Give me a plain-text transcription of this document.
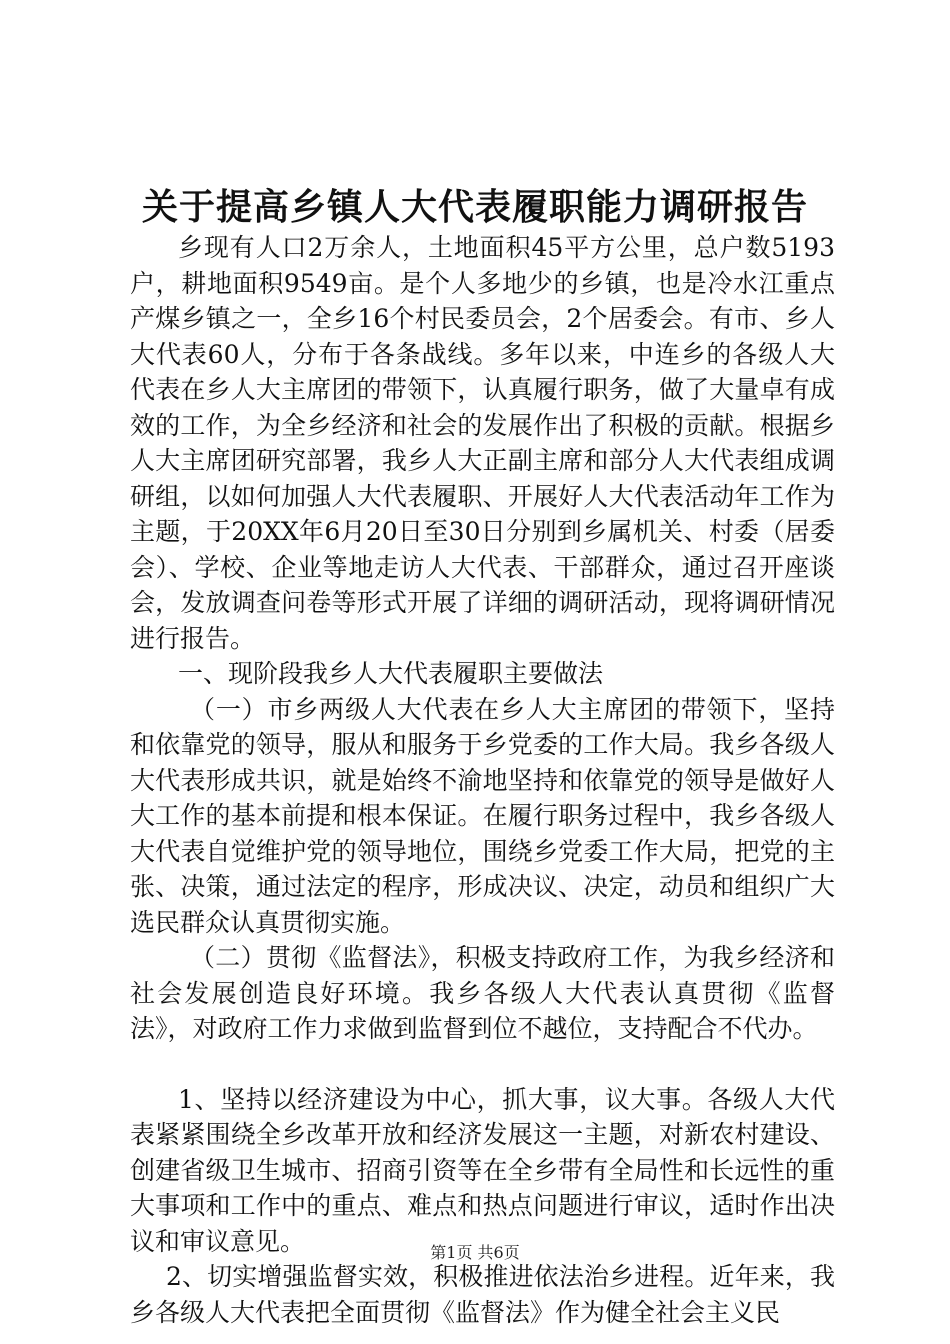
关于提高乡镇人大代表履职能力调研报告

乡现有人口2万余人，土地面积45平方公里，总户数5193户，耕地面积9549亩。是个人多地少的乡镇，也是冷水江重点产煤乡镇之一，全乡16个村民委员会，2个居委会。有市、乡人大代表60人，分布于各条战线。多年以来，中连乡的各级人大代表在乡人大主席团的带领下，认真履行职务，做了大量卓有成效的工作，为全乡经济和社会的发展作出了积极的贡献。根据乡人大主席团研究部署，我乡人大正副主席和部分人大代表组成调研组，以如何加强人大代表履职、开展好人大代表活动年工作为主题，于20XX年6月20日至30日分别到乡属机关、村委（居委会）、学校、企业等地走访人大代表、干部群众，通过召开座谈会，发放调查问卷等形式开展了详细的调研活动，现将调研情况进行报告。

一、现阶段我乡人大代表履职主要做法

（一）市乡两级人大代表在乡人大主席团的带领下，坚持和依靠党的领导，服从和服务于乡党委的工作大局。我乡各级人大代表形成共识，就是始终不渝地坚持和依靠党的领导是做好人大工作的基本前提和根本保证。在履行职务过程中，我乡各级人大代表自觉维护党的领导地位，围绕乡党委工作大局，把党的主张、决策，通过法定的程序，形成决议、决定，动员和组织广大选民群众认真贯彻实施。

（二）贯彻《监督法》，积极支持政府工作，为我乡经济和社会发展创造良好环境。我乡各级人大代表认真贯彻《监督法》，对政府工作力求做到监督到位不越位，支持配合不代办。

1、坚持以经济建设为中心，抓大事，议大事。各级人大代表紧紧围绕全乡改革开放和经济发展这一主题，对新农村建设、创建省级卫生城市、招商引资等在全乡带有全局性和长远性的重大事项和工作中的重点、难点和热点问题进行审议，适时作出决议和审议意见。

2、切实增强监督实效，积极推进依法治乡进程。近年来，我乡各级人大代表把全面贯彻《监督法》作为健全社会主义民

第1页 共6页
